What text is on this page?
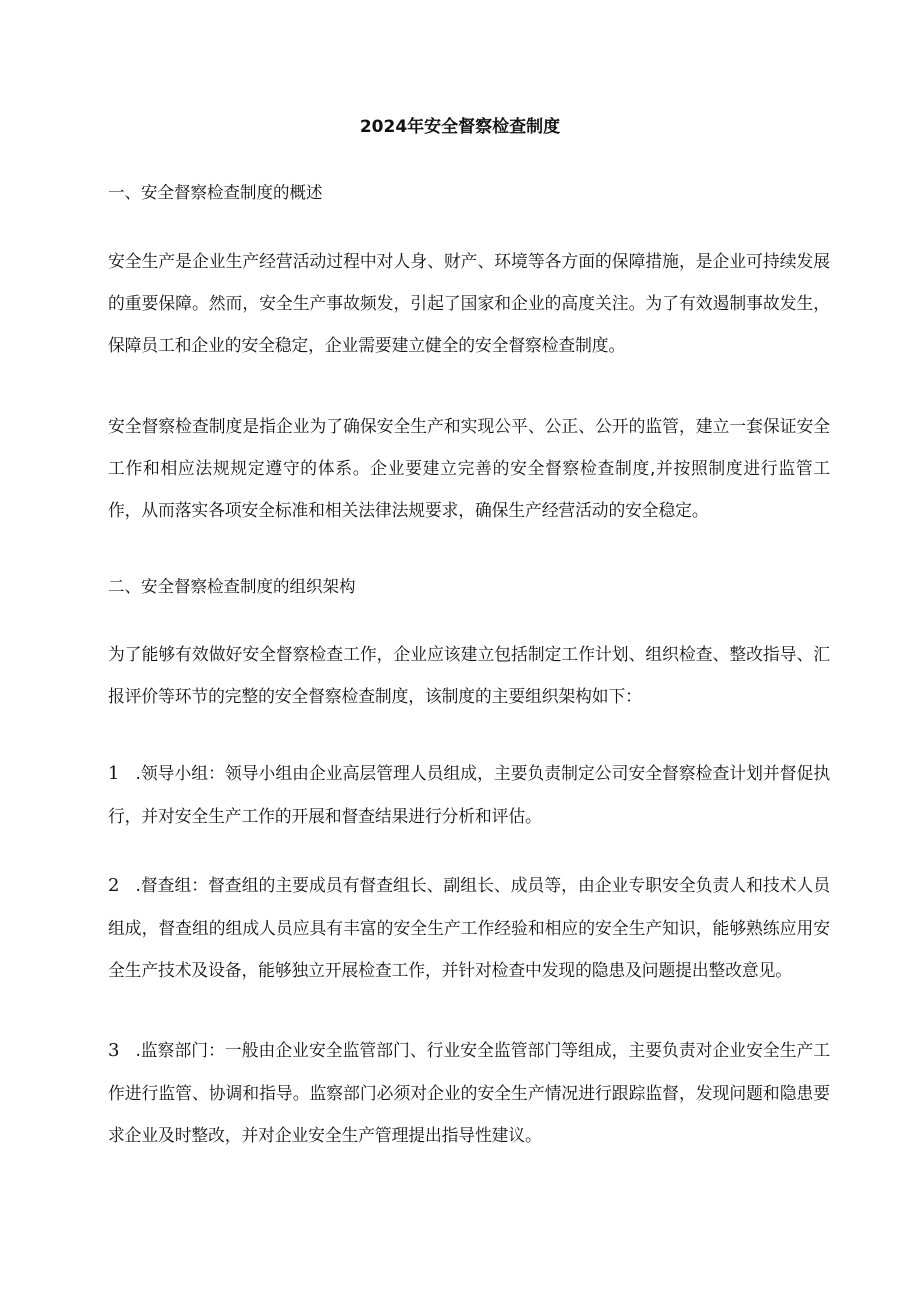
2024年安全督察检查制度
一、安全督察检查制度的概述

安全生产是企业生产经营活动过程中对人身、财产、环境等各方面的保障措施，是企业可持续发展的重要保障。然而，安全生产事故频发，引起了国家和企业的高度关注。为了有效遏制事故发生，保障员工和企业的安全稳定，企业需要建立健全的安全督察检查制度。

安全督察检查制度是指企业为了确保安全生产和实现公平、公正、公开的监管，建立一套保证安全工作和相应法规规定遵守的体系。企业要建立完善的安全督察检查制度,并按照制度进行监管工作，从而落实各项安全标准和相关法律法规要求，确保生产经营活动的安全稳定。

二、安全督察检查制度的组织架构

为了能够有效做好安全督察检查工作，企业应该建立包括制定工作计划、组织检查、整改指导、汇报评价等环节的完整的安全督察检查制度，该制度的主要组织架构如下：

1 .领导小组：领导小组由企业高层管理人员组成，主要负责制定公司安全督察检查计划并督促执行，并对安全生产工作的开展和督查结果进行分析和评估。

2 .督查组：督查组的主要成员有督查组长、副组长、成员等，由企业专职安全负责人和技术人员组成，督查组的组成人员应具有丰富的安全生产工作经验和相应的安全生产知识，能够熟练应用安全生产技术及设备，能够独立开展检查工作，并针对检查中发现的隐患及问题提出整改意见。

3 .监察部门：一般由企业安全监管部门、行业安全监管部门等组成，主要负责对企业安全生产工作进行监管、协调和指导。监察部门必须对企业的安全生产情况进行跟踪监督，发现问题和隐患要求企业及时整改，并对企业安全生产管理提出指导性建议。
